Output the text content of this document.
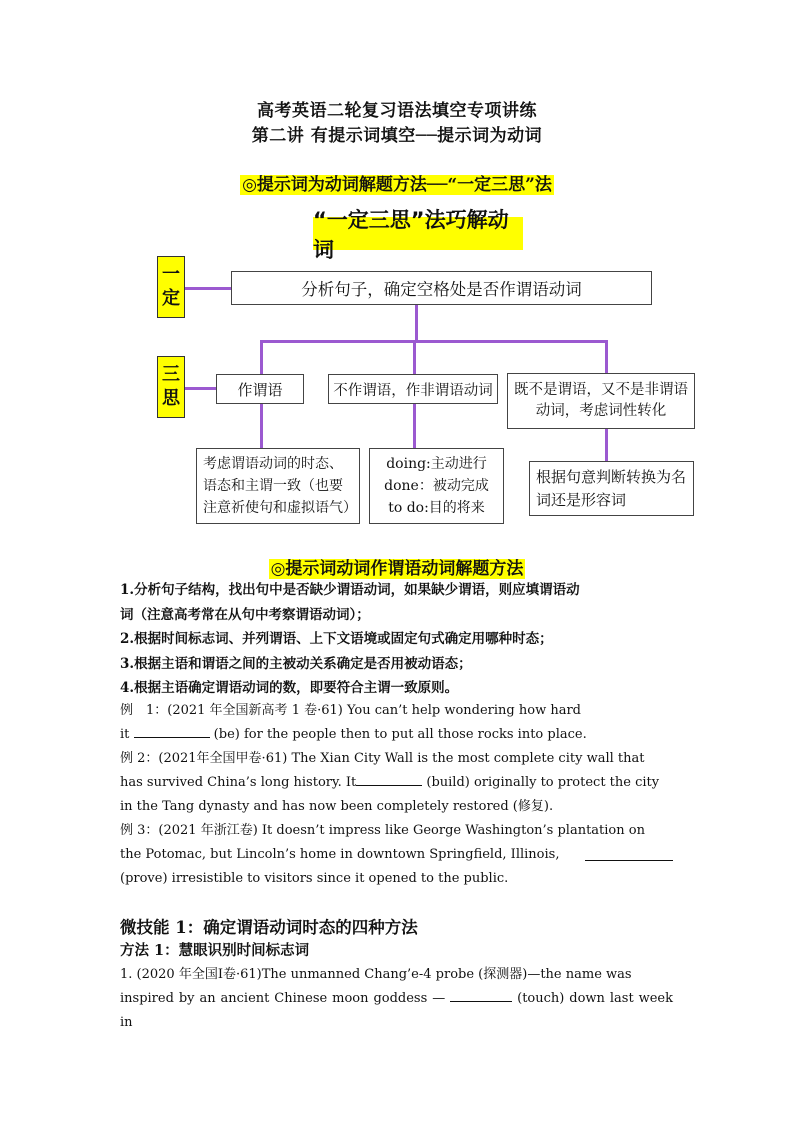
高考英语二轮复习语法填空专项讲练
第二讲 有提示词填空──提示词为动词
◎提示词为动词解题方法──“一定三思”法
“一定三思”法巧解动词
一
定
三
思
分析句子，确定空格处是否作谓语动词
作谓语	不作谓语，作非谓语动词	既不是谓语，又不是非谓语
动词，考虑词性转化
考虑谓语动词的时态、
语态和主谓一致（也要
注意祈使句和虚拟语气）
doing:主动进行
done：被动完成
to do:目的将来
根据句意判断转换为名
词还是形容词
◎提示词动词作谓语动词解题方法
1.分析句子结构，找出句中是否缺少谓语动词，如果缺少谓语，则应填谓语动
词（注意高考常在从句中考察谓语动词）；
2.根据时间标志词、并列谓语、上下文语境或固定句式确定用哪种时态；
3.根据主语和谓语之间的主被动关系确定是否用被动语态；
4.根据主语确定谓语动词的数，即要符合主谓一致原则。
例　1：(2021 年全国新高考 1 卷·61) You can’t help wondering how hard
it	(be) for the people then to put all those rocks into place.
例 2：(2021年全国甲卷·61) The Xian City Wall is the most complete city wall that
has survived China’s long history. It	(build) originally to protect the city
in the Tang dynasty and has now been completely restored (修复).
例 3：(2021 年浙江卷) It doesn’t impress like George Washington’s plantation on
the Potomac, but Lincoln’s home in downtown Springfield, Illinois,
(prove) irresistible to visitors since it opened to the public.
微技能 1：确定谓语动词时态的四种方法
方法 1：慧眼识别时间标志词
1. (2020 年全国Ⅰ卷·61)The unmanned Chang’e-4 probe (探测器)—the name was
inspired by an ancient Chinese moon goddess —	(touch) down last week in
